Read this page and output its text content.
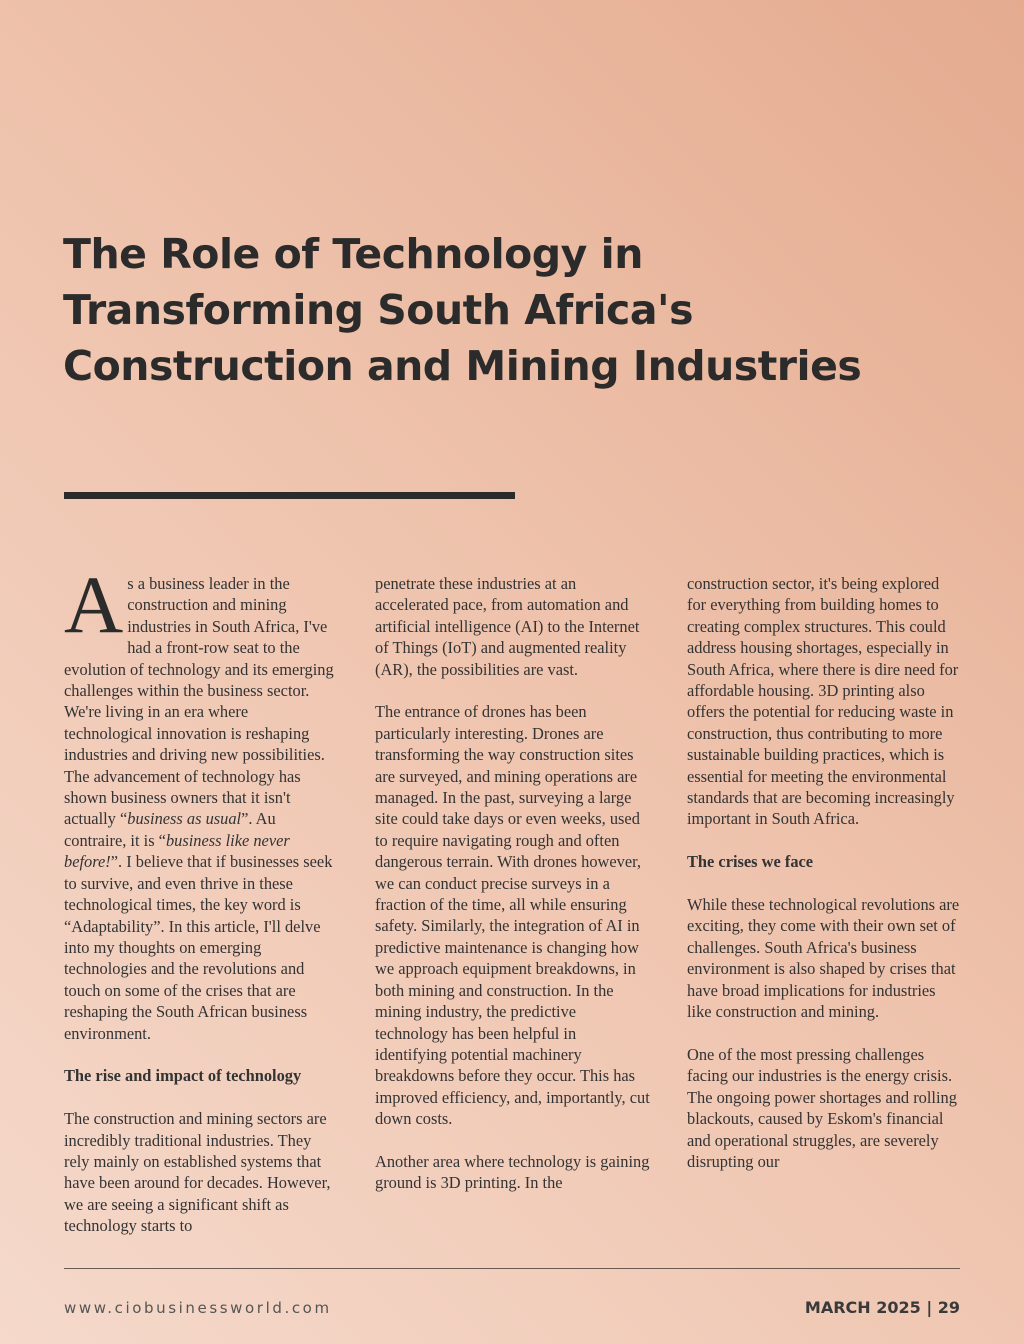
The Role of Technology in Transforming South Africa's Construction and Mining Industries

As a business leader in the construction and mining industries in South Africa, I've had a front-row seat to the evolution of technology and its emerging challenges within the business sector. We're living in an era where technological innovation is reshaping industries and driving new possibilities. The advancement of technology has shown business owners that it isn't actually “business as usual”. Au contraire, it is “business like never before!”. I believe that if businesses seek to survive, and even thrive in these technological times, the key word is “Adaptability”. In this article, I'll delve into my thoughts on emerging technologies and the revolutions and touch on some of the crises that are reshaping the South African business environment.

The rise and impact of technology

The construction and mining sectors are incredibly traditional industries. They rely mainly on established systems that have been around for decades. However, we are seeing a significant shift as technology starts to

penetrate these industries at an accelerated pace, from automation and artificial intelligence (AI) to the Internet of Things (IoT) and augmented reality (AR), the possibilities are vast.

The entrance of drones has been particularly interesting. Drones are transforming the way construction sites are surveyed, and mining operations are managed. In the past, surveying a large site could take days or even weeks, used to require navigating rough and often dangerous terrain. With drones however, we can conduct precise surveys in a fraction of the time, all while ensuring safety. Similarly, the integration of AI in predictive maintenance is changing how we approach equipment breakdowns, in both mining and construction. In the mining industry, the predictive technology has been helpful in identifying potential machinery breakdowns before they occur. This has improved efficiency, and, importantly, cut down costs.

Another area where technology is gaining ground is 3D printing. In the

construction sector, it's being explored for everything from building homes to creating complex structures. This could address housing shortages, especially in South Africa, where there is dire need for affordable housing. 3D printing also offers the potential for reducing waste in construction, thus contributing to more sustainable building practices, which is essential for meeting the environmental standards that are becoming increasingly important in South Africa.

The crises we face

While these technological revolutions are exciting, they come with their own set of challenges. South Africa's business environment is also shaped by crises that have broad implications for industries like construction and mining.

One of the most pressing challenges facing our industries is the energy crisis. The ongoing power shortages and rolling blackouts, caused by Eskom's financial and operational struggles, are severely disrupting our

www.ciobusinessworld.com	MARCH 2025 | 29
